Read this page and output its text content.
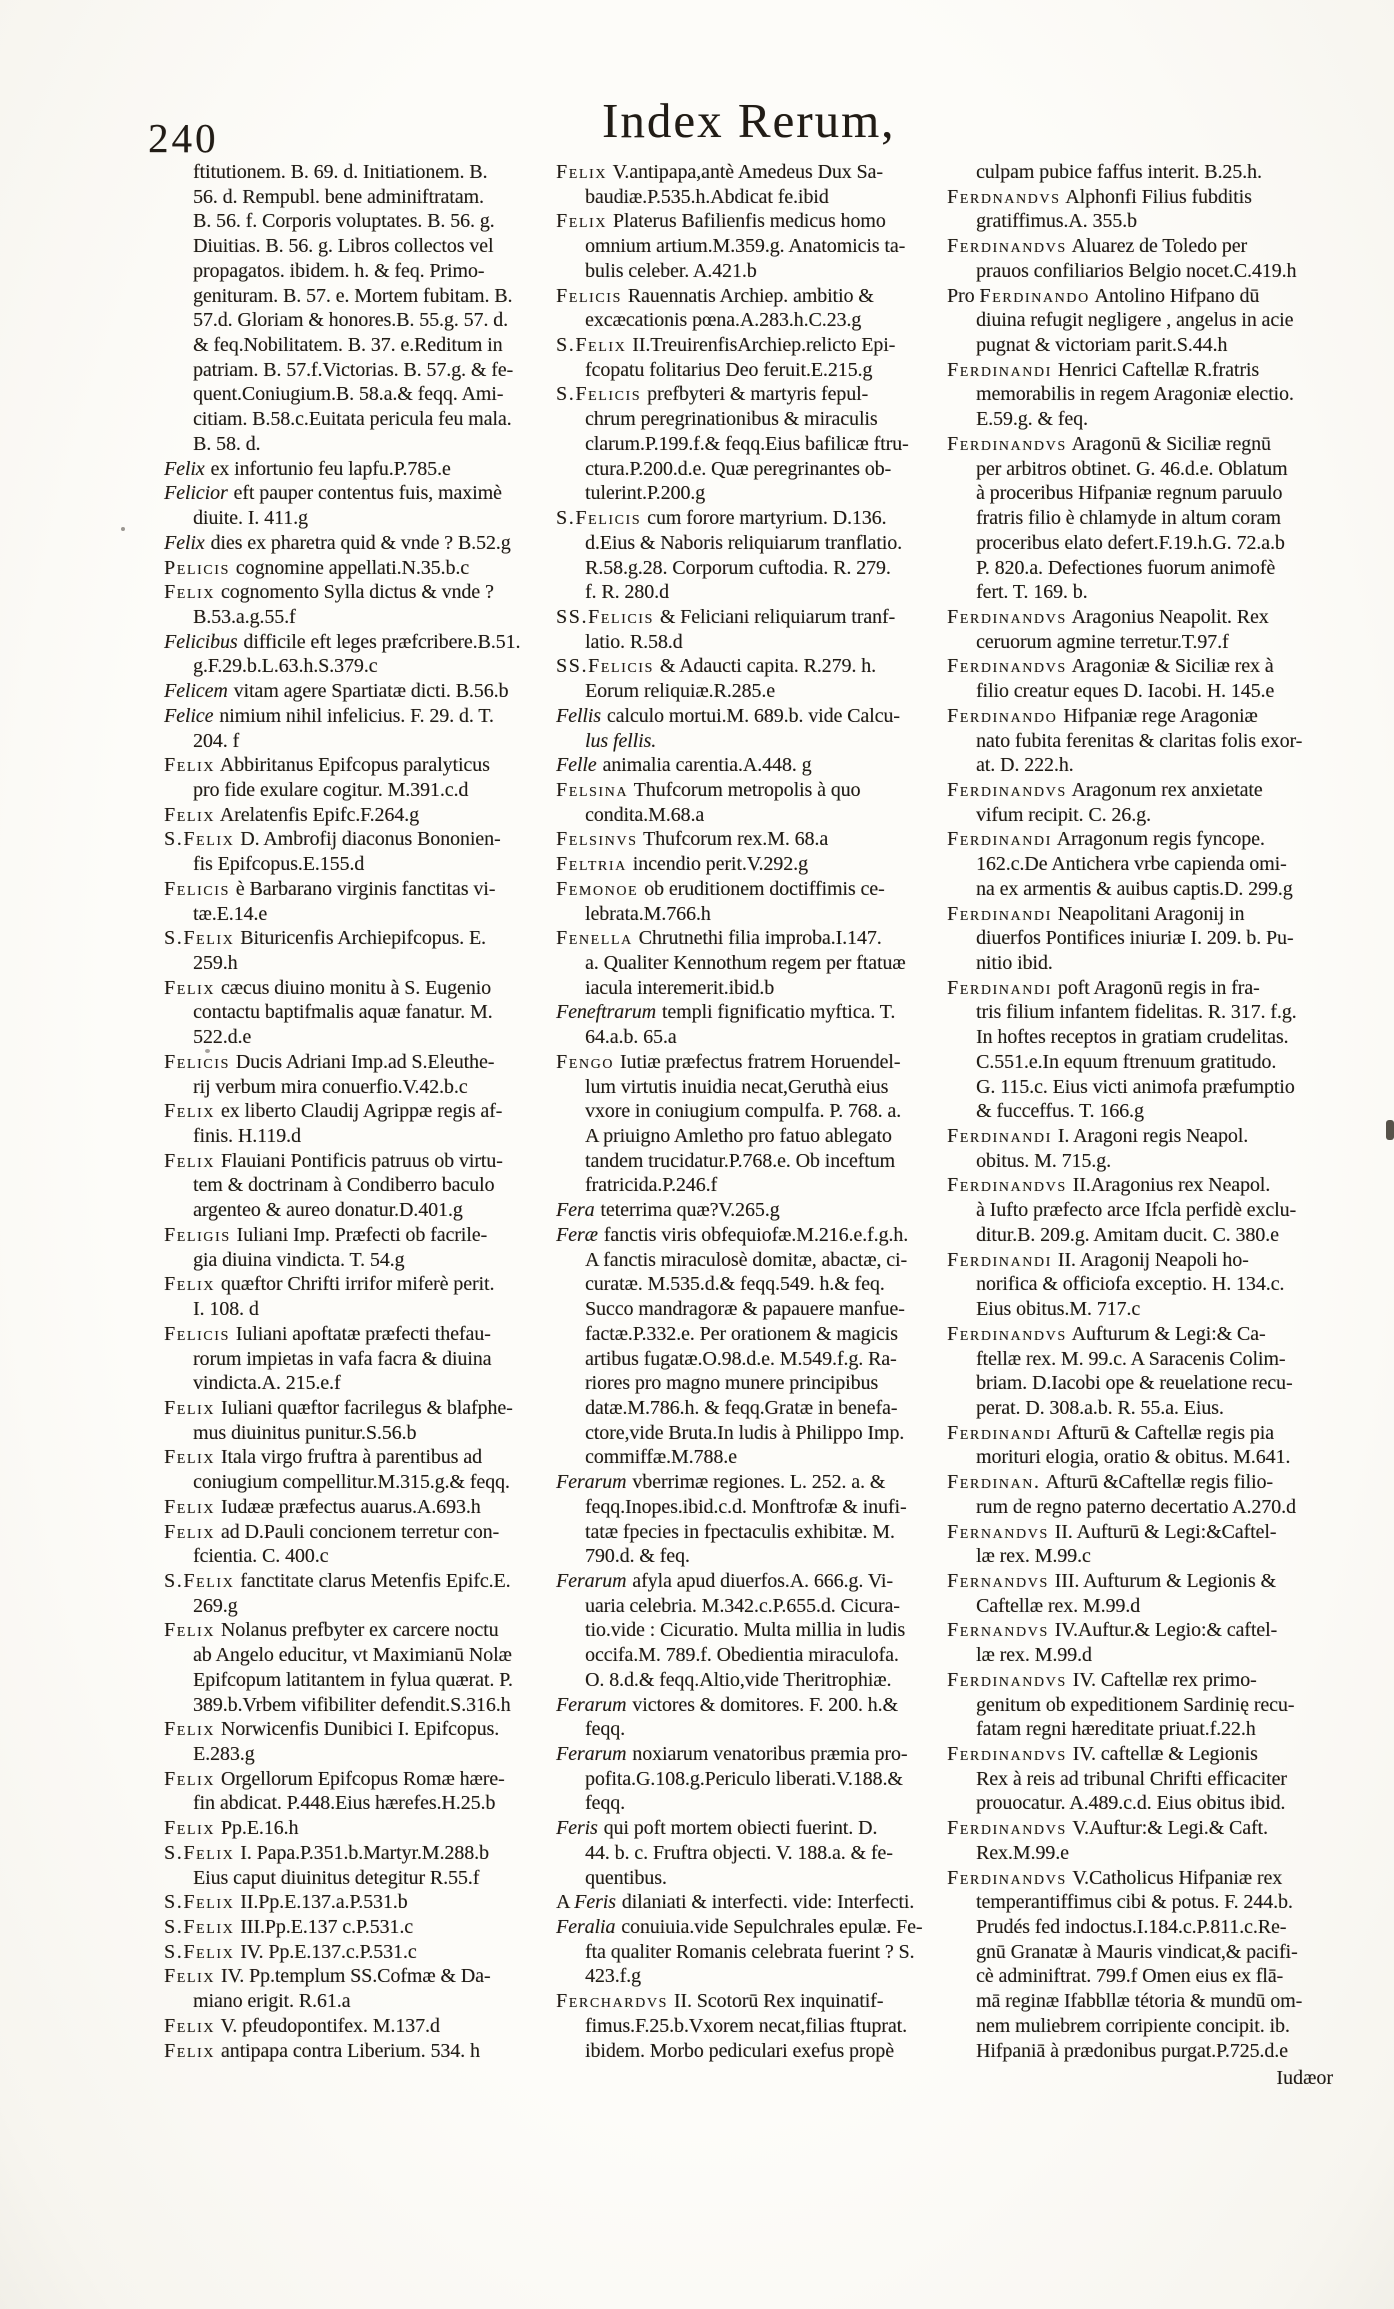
240	Index Rerum,
ftitutionem. B. 69. d. Initiationem. B.
56. d. Rempubl. bene adminiftratam.
B. 56. f. Corporis voluptates. B. 56. g.
Diuitias. B. 56. g. Libros collectos vel
propagatos. ibidem. h. & feq. Primo-
genituram. B. 57. e. Mortem fubitam. B.
57.d. Gloriam & honores.B. 55.g. 57. d.
& feq.Nobilitatem. B. 37. e.Reditum in
patriam. B. 57.f.Victorias. B. 57.g. & fe-
quent.Coniugium.B. 58.a.& feqq. Ami-
citiam. B.58.c.Euitata pericula feu mala.
B. 58. d.
Felix ex infortunio feu lapfu.P.785.e
Felicior eft pauper contentus fuis, maximè
diuite. I. 411.g
Felix dies ex pharetra quid & vnde ? B.52.g
Pelicis cognomine appellati.N.35.b.c
Felix cognomento Sylla dictus & vnde ?
B.53.a.g.55.f
Felicibus difficile eft leges præfcribere.B.51.
g.F.29.b.L.63.h.S.379.c
Felicem vitam agere Spartiatæ dicti. B.56.b
Felice nimium nihil infelicius. F. 29. d. T.
204. f
Felix Abbiritanus Epifcopus paralyticus
pro fide exulare cogitur. M.391.c.d
Felix Arelatenfis Epifc.F.264.g
S.Felix D. Ambrofij diaconus Bononien-
fis Epifcopus.E.155.d
Felicis è Barbarano virginis fanctitas vi-
tæ.E.14.e
S.Felix Bituricenfis Archiepifcopus. E.
259.h
Felix cæcus diuino monitu à S. Eugenio
contactu baptifmalis aquæ fanatur. M.
522.d.e
Felicis Ducis Adriani Imp.ad S.Eleuthe-
rij verbum mira conuerfio.V.42.b.c
Felix ex liberto Claudij Agrippæ regis af-
finis. H.119.d
Felix Flauiani Pontificis patruus ob virtu-
tem & doctrinam à Condiberro baculo
argenteo & aureo donatur.D.401.g
Feligis Iuliani Imp. Præfecti ob facrile-
gia diuina vindicta. T. 54.g
Felix quæftor Chrifti irrifor miferè perit.
I. 108. d
Felicis Iuliani apoftatæ præfecti thefau-
rorum impietas in vafa facra & diuina
vindicta.A. 215.e.f
Felix Iuliani quæftor facrilegus & blafphe-
mus diuinitus punitur.S.56.b
Felix Itala virgo fruftra à parentibus ad
coniugium compellitur.M.315.g.& feqq.
Felix Iudææ præfectus auarus.A.693.h
Felix ad D.Pauli concionem terretur con-
fcientia. C. 400.c
S.Felix fanctitate clarus Metenfis Epifc.E.
269.g
Felix Nolanus prefbyter ex carcere noctu
ab Angelo educitur, vt Maximianū Nolæ
Epifcopum latitantem in fylua quærat. P.
389.b.Vrbem vifibiliter defendit.S.316.h
Felix Norwicenfis Dunibici I. Epifcopus.
E.283.g
Felix Orgellorum Epifcopus Romæ hære-
fin abdicat. P.448.Eius hærefes.H.25.b
Felix Pp.E.16.h
S.Felix I. Papa.P.351.b.Martyr.M.288.b
Eius caput diuinitus detegitur R.55.f
S.Felix II.Pp.E.137.a.P.531.b
S.Felix III.Pp.E.137 c.P.531.c
S.Felix IV. Pp.E.137.c.P.531.c
Felix IV. Pp.templum SS.Cofmæ & Da-
miano erigit. R.61.a
Felix V. pfeudopontifex. M.137.d
Felix antipapa contra Liberium. 534. h
Felix V.antipapa,antè Amedeus Dux Sa-
baudiæ.P.535.h.Abdicat fe.ibid
Felix Platerus Bafilienfis medicus homo
omnium artium.M.359.g. Anatomicis ta-
bulis celeber. A.421.b
Felicis Rauennatis Archiep. ambitio &
excæcationis pœna.A.283.h.C.23.g
S.Felix II.TreuirenfisArchiep.relicto Epi-
fcopatu folitarius Deo feruit.E.215.g
S.Felicis prefbyteri & martyris fepul-
chrum peregrinationibus & miraculis
clarum.P.199.f.& feqq.Eius bafilicæ ftru-
ctura.P.200.d.e. Quæ peregrinantes ob-
tulerint.P.200.g
S.Felicis cum forore martyrium. D.136.
d.Eius & Naboris reliquiarum tranflatio.
R.58.g.28. Corporum cuftodia. R. 279.
f. R. 280.d
SS.Felicis & Feliciani reliquiarum tranf-
latio. R.58.d
SS.Felicis & Adaucti capita. R.279. h.
Eorum reliquiæ.R.285.e
Fellis calculo mortui.M. 689.b. vide Calcu-
lus fellis.
Felle animalia carentia.A.448. g
Felsina Thufcorum metropolis à quo
condita.M.68.a
Felsinvs Thufcorum rex.M. 68.a
Feltria incendio perit.V.292.g
Femonoe ob eruditionem doctiffimis ce-
lebrata.M.766.h
Fenella Chrutnethi filia improba.I.147.
a. Qualiter Kennothum regem per ftatuæ
iacula interemerit.ibid.b
Feneftrarum templi fignificatio myftica. T.
64.a.b. 65.a
Fengo Iutiæ præfectus fratrem Horuendel-
lum virtutis inuidia necat,Geruthà eius
vxore in coniugium compulfa. P. 768. a.
A priuigno Amletho pro fatuo ablegato
tandem trucidatur.P.768.e. Ob inceftum
fratricida.P.246.f
Fera teterrima quæ?V.265.g
Feræ fanctis viris obfequiofæ.M.216.e.f.g.h.
A fanctis miraculosè domitæ, abactæ, ci-
curatæ. M.535.d.& feqq.549. h.& feq.
Succo mandragoræ & papauere manfue-
factæ.P.332.e. Per orationem & magicis
artibus fugatæ.O.98.d.e. M.549.f.g. Ra-
riores pro magno munere principibus
datæ.M.786.h. & feqq.Gratæ in benefa-
ctore,vide Bruta.In ludis à Philippo Imp.
commiffæ.M.788.e
Ferarum vberrimæ regiones. L. 252. a. &
feqq.Inopes.ibid.c.d. Monftrofæ & inufi-
tatæ fpecies in fpectaculis exhibitæ. M.
790.d. & feq.
Ferarum afyla apud diuerfos.A. 666.g. Vi-
uaria celebria. M.342.c.P.655.d. Cicura-
tio.vide : Cicuratio. Multa millia in ludis
occifa.M. 789.f. Obedientia miraculofa.
O. 8.d.& feqq.Altio,vide Theritrophiæ.
Ferarum victores & domitores. F. 200. h.&
feqq.
Ferarum noxiarum venatoribus præmia pro-
pofita.G.108.g.Periculo liberati.V.188.&
feqq.
Feris qui poft mortem obiecti fuerint. D.
44. b. c. Fruftra objecti. V. 188.a. & fe-
quentibus.
A Feris dilaniati & interfecti. vide: Interfecti.
Feralia conuiuia.vide Sepulchrales epulæ. Fe-
fta qualiter Romanis celebrata fuerint ? S.
423.f.g
Ferchardvs II. Scotorū Rex inquinatif-
fimus.F.25.b.Vxorem necat,filias ftuprat.
ibidem. Morbo pediculari exefus propè
culpam pubice faffus interit. B.25.h.
Ferdnandvs Alphonfi Filius fubditis
gratiffimus.A. 355.b
Ferdinandvs Aluarez de Toledo per
prauos confiliarios Belgio nocet.C.419.h
Pro Ferdinando Antolino Hifpano dū
diuina refugit negligere , angelus in acie
pugnat & victoriam parit.S.44.h
Ferdinandi Henrici Caftellæ R.fratris
memorabilis in regem Aragoniæ electio.
E.59.g. & feq.
Ferdinandvs Aragonū & Siciliæ regnū
per arbitros obtinet. G. 46.d.e. Oblatum
à proceribus Hifpaniæ regnum paruulo
fratris filio è chlamyde in altum coram
proceribus elato defert.F.19.h.G. 72.a.b
P. 820.a. Defectiones fuorum animofè
fert. T. 169. b.
Ferdinandvs Aragonius Neapolit. Rex
ceruorum agmine terretur.T.97.f
Ferdinandvs Aragoniæ & Siciliæ rex à
filio creatur eques D. Iacobi. H. 145.e
Ferdinando Hifpaniæ rege Aragoniæ
nato fubita ferenitas & claritas folis exor-
at. D. 222.h.
Ferdinandvs Aragonum rex anxietate
vifum recipit. C. 26.g.
Ferdinandi Arragonum regis fyncope.
162.c.De Antichera vrbe capienda omi-
na ex armentis & auibus captis.D. 299.g
Ferdinandi Neapolitani Aragonij in
diuerfos Pontifices iniuriæ I. 209. b. Pu-
nitio ibid.
Ferdinandi poft Aragonū regis in fra-
tris filium infantem fidelitas. R. 317. f.g.
In hoftes receptos in gratiam crudelitas.
C.551.e.In equum ftrenuum gratitudo.
G. 115.c. Eius victi animofa præfumptio
& fucceffus. T. 166.g
Ferdinandi I. Aragoni regis Neapol.
obitus. M. 715.g.
Ferdinandvs II.Aragonius rex Neapol.
à Iufto præfecto arce Ifcla perfidè exclu-
ditur.B. 209.g. Amitam ducit. C. 380.e
Ferdinandi II. Aragonij Neapoli ho-
norifica & officiofa exceptio. H. 134.c.
Eius obitus.M. 717.c
Ferdinandvs Aufturum & Legi:& Ca-
ftellæ rex. M. 99.c. A Saracenis Colim-
briam. D.Iacobi ope & reuelatione recu-
perat. D. 308.a.b. R. 55.a. Eius.
Ferdinandi Afturū & Caftellæ regis pia
morituri elogia, oratio & obitus. M.641.
Ferdinan. Afturū &Caftellæ regis filio-
rum de regno paterno decertatio A.270.d
Fernandvs II. Aufturū & Legi:&Caftel-
læ rex. M.99.c
Fernandvs III. Aufturum & Legionis &
Caftellæ rex. M.99.d
Fernandvs IV.Auftur.& Legio:& caftel-
læ rex. M.99.d
Ferdinandvs IV. Caftellæ rex primo-
genitum ob expeditionem Sardinię recu-
fatam regni hæreditate priuat.f.22.h
Ferdinandvs IV. caftellæ & Legionis
Rex à reis ad tribunal Chrifti efficaciter
prouocatur. A.489.c.d. Eius obitus ibid.
Ferdinandvs V.Auftur:& Legi.& Caft.
Rex.M.99.e
Ferdinandvs V.Catholicus Hifpaniæ rex
temperantiffimus cibi & potus. F. 244.b.
Prudés fed indoctus.I.184.c.P.811.c.Re-
gnū Granatæ à Mauris vindicat,& pacifi-
cè adminiftrat. 799.f Omen eius ex flā-
mā reginæ Ifabbllæ tétoria & mundū om-
nem muliebrem corripiente concipit. ib.
Hifpaniā à prædonibus purgat.P.725.d.e
Iudæor
